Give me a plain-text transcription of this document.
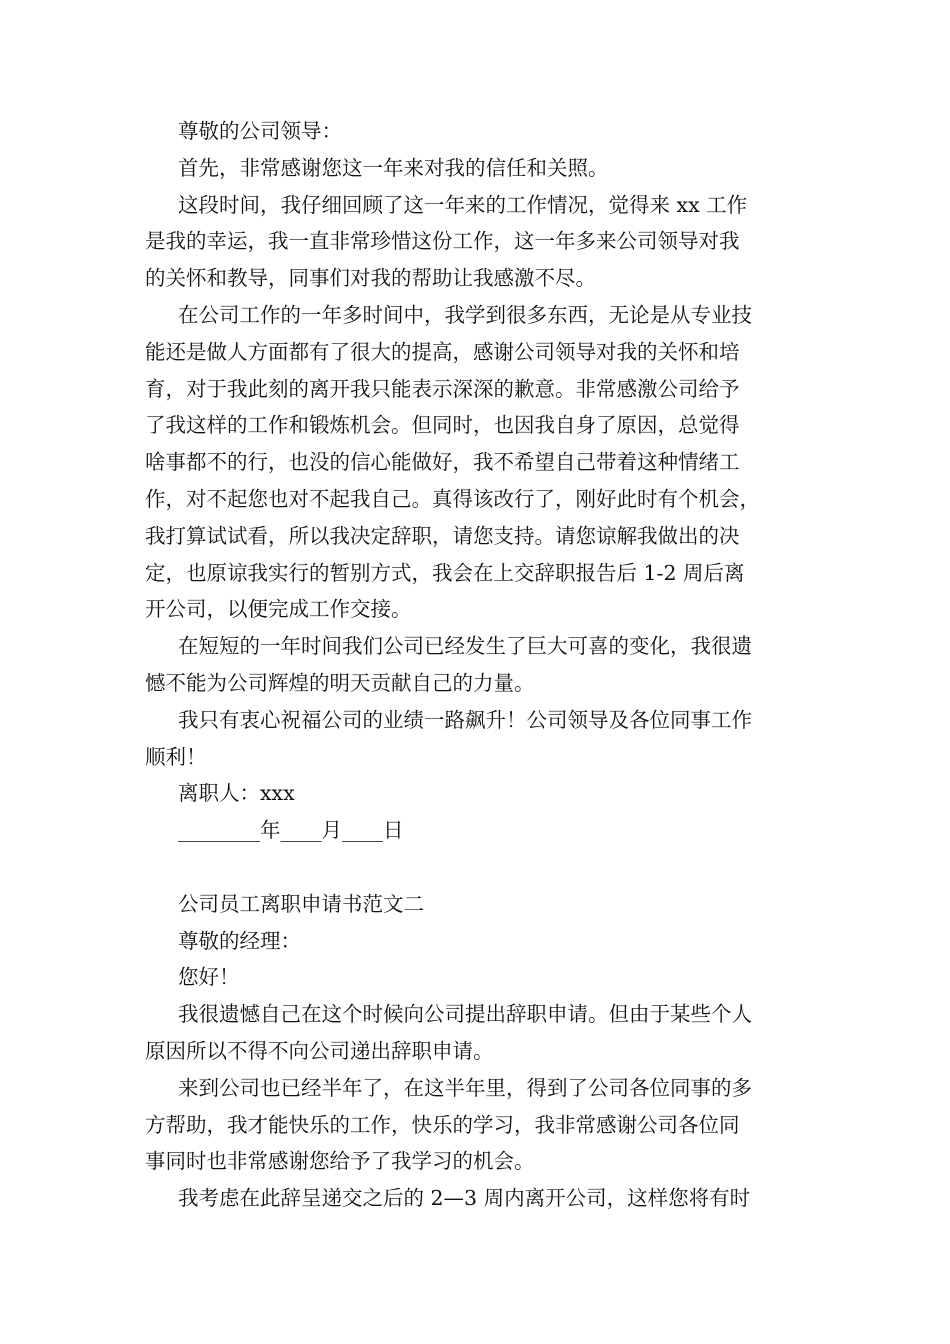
尊敬的公司领导：
首先，非常感谢您这一年来对我的信任和关照。
这段时间，我仔细回顾了这一年来的工作情况，觉得来 xx 工作
是我的幸运，我一直非常珍惜这份工作，这一年多来公司领导对我
的关怀和教导，同事们对我的帮助让我感激不尽。
在公司工作的一年多时间中，我学到很多东西，无论是从专业技
能还是做人方面都有了很大的提高，感谢公司领导对我的关怀和培
育，对于我此刻的离开我只能表示深深的歉意。非常感激公司给予
了我这样的工作和锻炼机会。但同时，也因我自身了原因，总觉得
啥事都不的行，也没的信心能做好，我不希望自己带着这种情绪工
作，对不起您也对不起我自己。真得该改行了，刚好此时有个机会，
我打算试试看，所以我决定辞职，请您支持。请您谅解我做出的决
定，也原谅我实行的暂别方式，我会在上交辞职报告后 1-2 周后离
开公司，以便完成工作交接。
在短短的一年时间我们公司已经发生了巨大可喜的变化，我很遗
憾不能为公司辉煌的明天贡献自己的力量。
我只有衷心祝福公司的业绩一路飙升！公司领导及各位同事工作
顺利！
离职人：xxx
________年____月____日
公司员工离职申请书范文二
尊敬的经理：
您好！
我很遗憾自己在这个时候向公司提出辞职申请。但由于某些个人
原因所以不得不向公司递出辞职申请。
来到公司也已经半年了，在这半年里，得到了公司各位同事的多
方帮助，我才能快乐的工作，快乐的学习，我非常感谢公司各位同
事同时也非常感谢您给予了我学习的机会。
我考虑在此辞呈递交之后的 2—3 周内离开公司，这样您将有时
